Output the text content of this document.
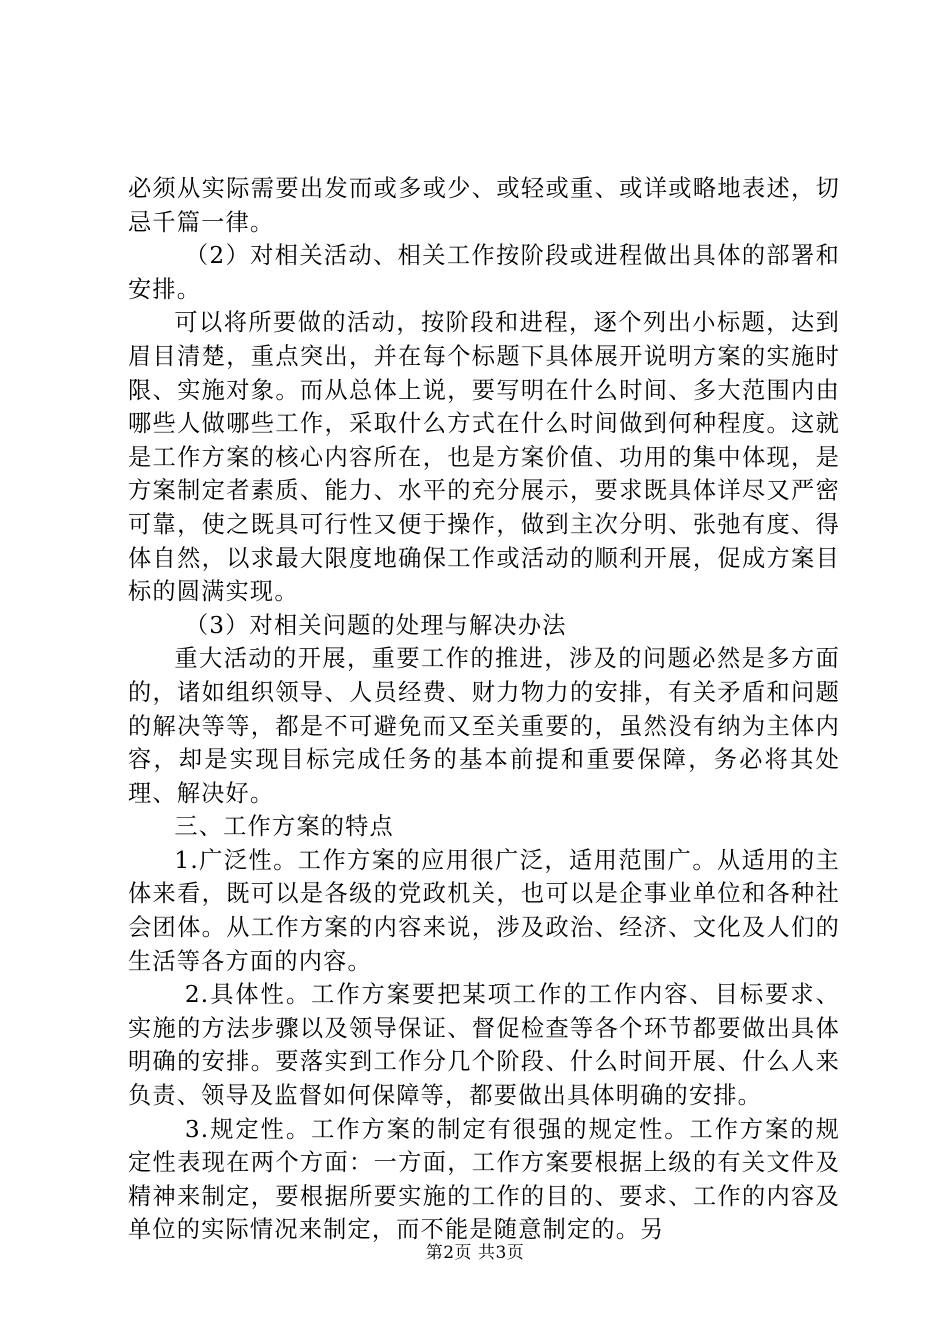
必须从实际需要出发而或多或少、或轻或重、或详或略地表述，切忌千篇一律。

（2）对相关活动、相关工作按阶段或进程做出具体的部署和安排。

可以将所要做的活动，按阶段和进程，逐个列出小标题，达到眉目清楚，重点突出，并在每个标题下具体展开说明方案的实施时限、实施对象。而从总体上说，要写明在什么时间、多大范围内由哪些人做哪些工作，采取什么方式在什么时间做到何种程度。这就是工作方案的核心内容所在，也是方案价值、功用的集中体现，是方案制定者素质、能力、水平的充分展示，要求既具体详尽又严密可靠，使之既具可行性又便于操作，做到主次分明、张弛有度、得体自然，以求最大限度地确保工作或活动的顺利开展，促成方案目标的圆满实现。

（3）对相关问题的处理与解决办法

重大活动的开展，重要工作的推进，涉及的问题必然是多方面的，诸如组织领导、人员经费、财力物力的安排，有关矛盾和问题的解决等等，都是不可避免而又至关重要的，虽然没有纳为主体内容，却是实现目标完成任务的基本前提和重要保障，务必将其处理、解决好。

三、工作方案的特点

1.广泛性。工作方案的应用很广泛，适用范围广。从适用的主体来看，既可以是各级的党政机关，也可以是企事业单位和各种社会团体。从工作方案的内容来说，涉及政治、经济、文化及人们的生活等各方面的内容。

2.具体性。工作方案要把某项工作的工作内容、目标要求、实施的方法步骤以及领导保证、督促检查等各个环节都要做出具体明确的安排。要落实到工作分几个阶段、什么时间开展、什么人来负责、领导及监督如何保障等，都要做出具体明确的安排。

3.规定性。工作方案的制定有很强的规定性。工作方案的规定性表现在两个方面：一方面，工作方案要根据上级的有关文件及精神来制定，要根据所要实施的工作的目的、要求、工作的内容及单位的实际情况来制定，而不能是随意制定的。另

第2页 共3页
